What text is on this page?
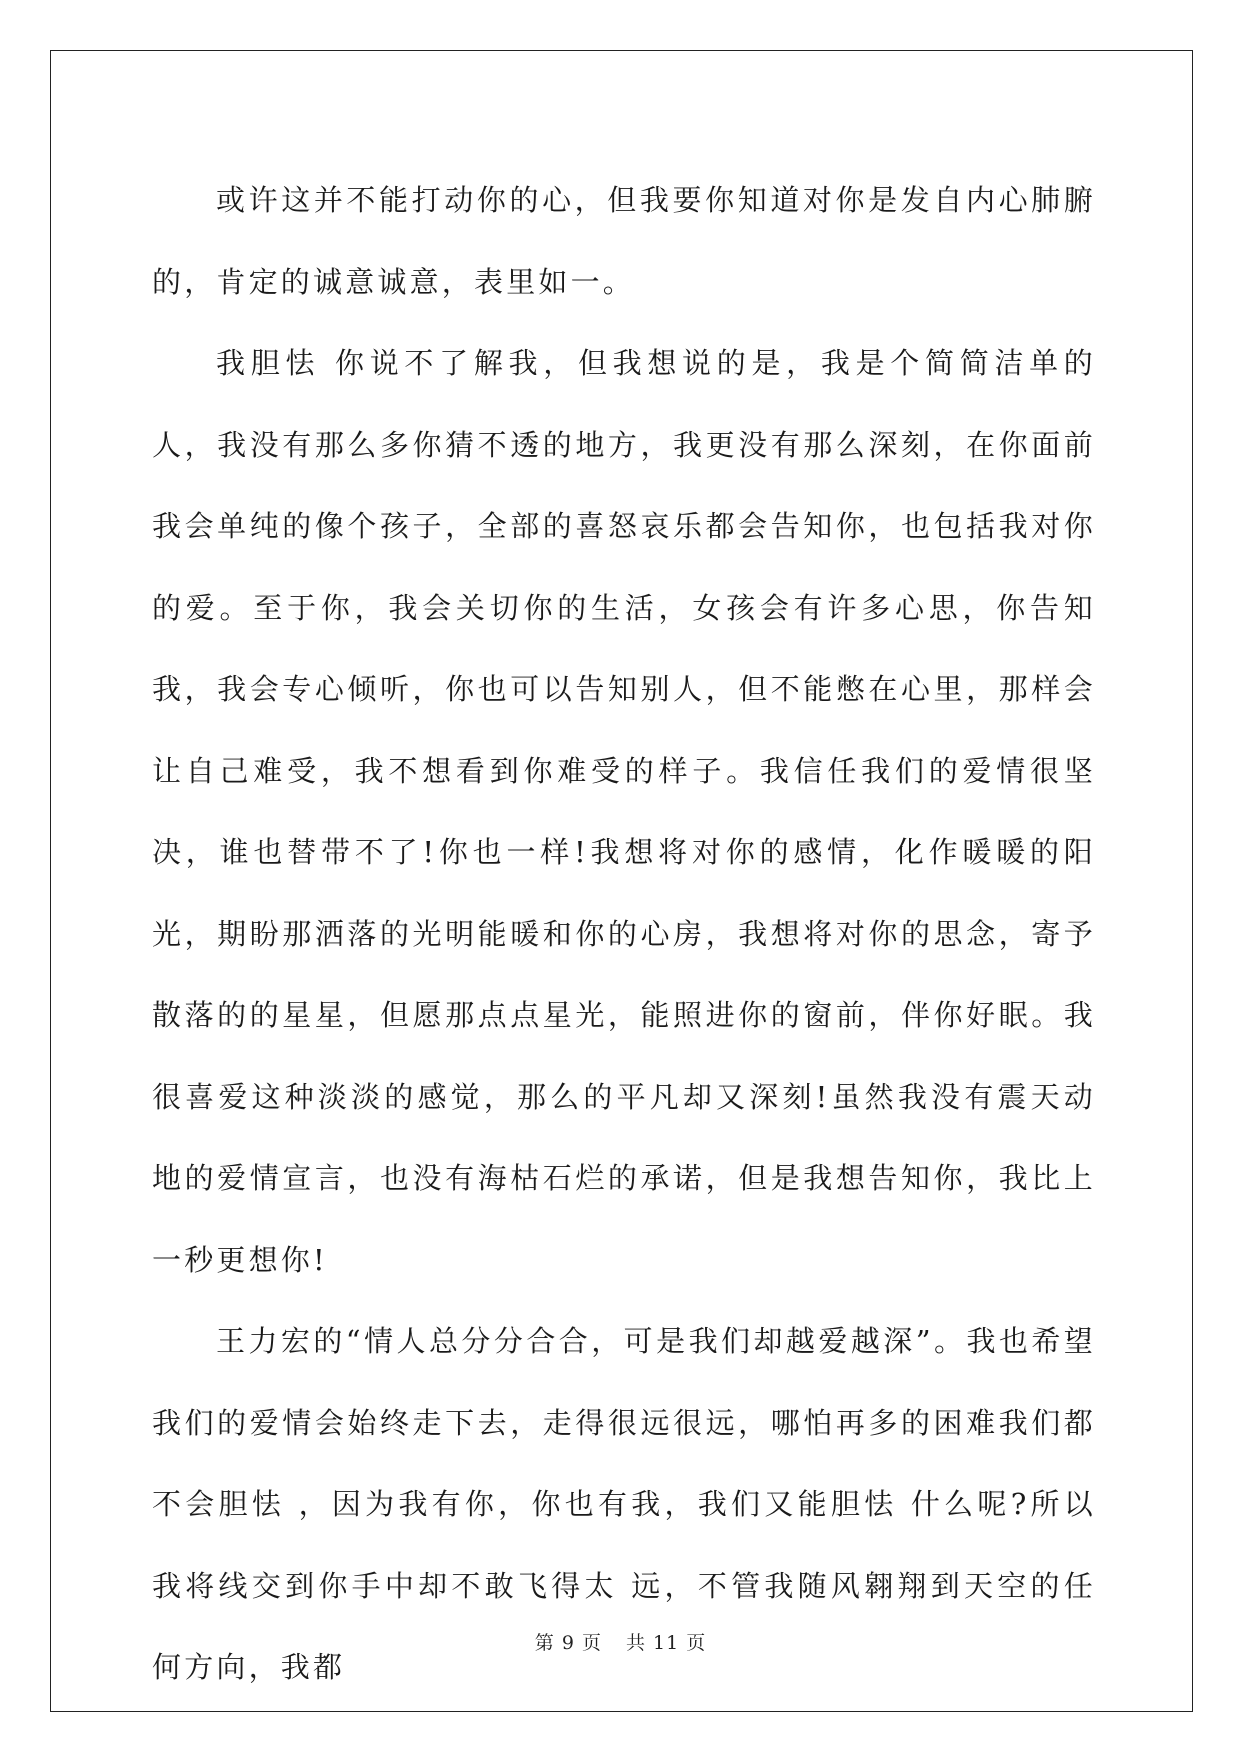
或许这并不能打动你的心，但我要你知道对你是发自内心肺腑的，肯定的诚意诚意，表里如一。

我胆怯 你说不了解我，但我想说的是，我是个简简洁单的人，我没有那么多你猜不透的地方，我更没有那么深刻，在你面前我会单纯的像个孩子，全部的喜怒哀乐都会告知你，也包括我对你的爱。至于你，我会关切你的生活，女孩会有许多心思，你告知我，我会专心倾听，你也可以告知别人，但不能憋在心里，那样会让自己难受，我不想看到你难受的样子。我信任我们的爱情很坚决，谁也替带不了!你也一样!我想将对你的感情，化作暖暖的阳光，期盼那洒落的光明能暖和你的心房，我想将对你的思念，寄予散落的的星星，但愿那点点星光，能照进你的窗前，伴你好眠。我很喜爱这种淡淡的感觉，那么的平凡却又深刻!虽然我没有震天动地的爱情宣言，也没有海枯石烂的承诺，但是我想告知你，我比上一秒更想你!

王力宏的“情人总分分合合，可是我们却越爱越深”。我也希望我们的爱情会始终走下去，走得很远很远，哪怕再多的困难我们都不会胆怯 ，因为我有你，你也有我，我们又能胆怯 什么呢?所以我将线交到你手中却不敢飞得太 远，不管我随风翱翔到天空的任何方向，我都

第 9 页 共 11 页
